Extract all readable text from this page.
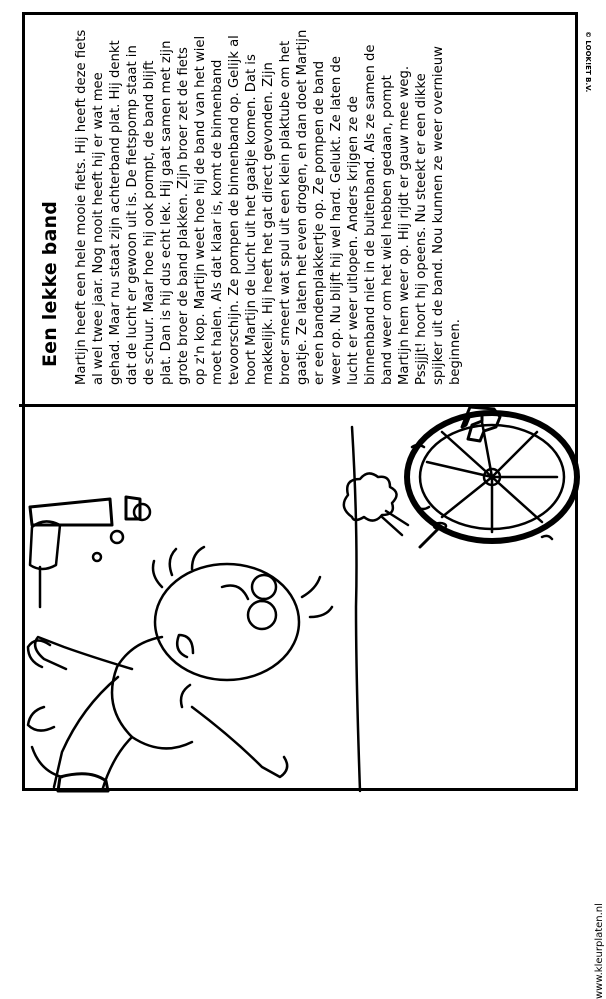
Een lekke band Martijn heeft een hele mooie fiets. Hij heeft deze fiets al wel twee jaar. Nog nooit heeft hij er wat mee gehad. Maar nu staat zijn achterband plat. Hij denkt dat de lucht er gewoon uit is. De fietspomp staat in de schuur. Maar hoe hij ook pompt, de band blijft plat. Dan is hij dus echt lek. Hij gaat samen met zijn grote broer de band plakken. Zijn broer zet de fiets op z'n kop. Martijn weet hoe hij de band van het wiel moet halen. Als dat klaar is, komt de binnenband tevoorschijn. Ze pompen de binnenband op. Gelijk al hoort Martijn de lucht uit het gaatje komen. Dat is makkelijk. Hij heeft het gat direct gevonden. Zijn broer smeert wat spul uit een klein plaktube om het gaatje. Ze laten het even drogen, en dan doet Martijn er een bandenplakkertje op. Ze pompen de band weer op. Nu blijft hij wel hard. Gelukt. Ze laten de lucht er weer uitlopen. Anders krijgen ze de binnenband niet in de buitenband. Als ze samen de band weer om het wiel hebben gedaan, pompt Martijn hem weer op. Hij rijdt er gauw mee weg. Pssjjjt! hoort hij opeens. Nu steekt er een dikke spijker uit de band. Nou kunnen ze weer overnieuw beginnen.

© LOOK!ET B.V.
www.kleurplaten.nl
